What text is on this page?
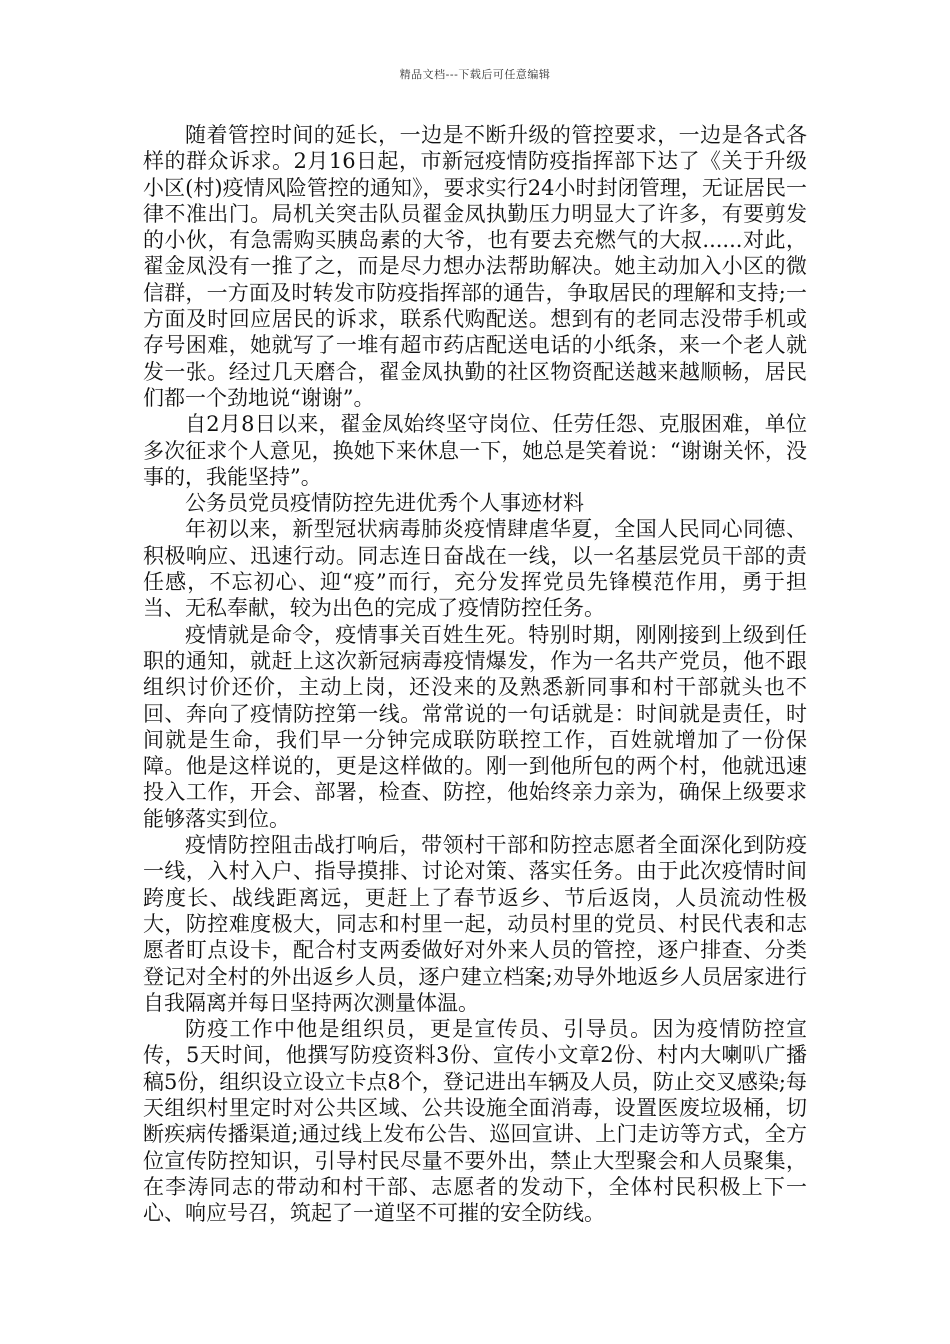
精品文档---下载后可任意编辑

随着管控时间的延长，一边是不断升级的管控要求，一边是各式各样的群众诉求。2月16日起，市新冠疫情防疫指挥部下达了《关于升级小区(村)疫情风险管控的通知》，要求实行24小时封闭管理，无证居民一律不准出门。局机关突击队员翟金凤执勤压力明显大了许多，有要剪发的小伙，有急需购买胰岛素的大爷，也有要去充燃气的大叔......对此，翟金凤没有一推了之，而是尽力想办法帮助解决。她主动加入小区的微信群，一方面及时转发市防疫指挥部的通告，争取居民的理解和支持;一方面及时回应居民的诉求，联系代购配送。想到有的老同志没带手机或存号困难，她就写了一堆有超市药店配送电话的小纸条，来一个老人就发一张。经过几天磨合，翟金凤执勤的社区物资配送越来越顺畅，居民们都一个劲地说“谢谢”。

自2月8日以来，翟金凤始终坚守岗位、任劳任怨、克服困难，单位多次征求个人意见，换她下来休息一下，她总是笑着说：“谢谢关怀，没事的，我能坚持”。

公务员党员疫情防控先进优秀个人事迹材料

年初以来，新型冠状病毒肺炎疫情肆虐华夏，全国人民同心同德、积极响应、迅速行动。同志连日奋战在一线，以一名基层党员干部的责任感，不忘初心、迎“疫”而行，充分发挥党员先锋模范作用，勇于担当、无私奉献，较为出色的完成了疫情防控任务。

疫情就是命令，疫情事关百姓生死。特别时期，刚刚接到上级到任职的通知，就赶上这次新冠病毒疫情爆发，作为一名共产党员，他不跟组织讨价还价，主动上岗，还没来的及熟悉新同事和村干部就头也不回、奔向了疫情防控第一线。常常说的一句话就是：时间就是责任，时间就是生命，我们早一分钟完成联防联控工作，百姓就增加了一份保障。他是这样说的，更是这样做的。刚一到他所包的两个村，他就迅速投入工作，开会、部署，检查、防控，他始终亲力亲为，确保上级要求能够落实到位。

疫情防控阻击战打响后，带领村干部和防控志愿者全面深化到防疫一线，入村入户、指导摸排、讨论对策、落实任务。由于此次疫情时间跨度长、战线距离远，更赶上了春节返乡、节后返岗，人员流动性极大，防控难度极大，同志和村里一起，动员村里的党员、村民代表和志愿者盯点设卡，配合村支两委做好对外来人员的管控，逐户排查、分类登记对全村的外出返乡人员，逐户建立档案;劝导外地返乡人员居家进行自我隔离并每日坚持两次测量体温。

防疫工作中他是组织员，更是宣传员、引导员。因为疫情防控宣传，5天时间，他撰写防疫资料3份、宣传小文章2份、村内大喇叭广播稿5份，组织设立设立卡点8个，登记进出车辆及人员，防止交叉感染;每天组织村里定时对公共区域、公共设施全面消毒，设置医废垃圾桶，切断疾病传播渠道;通过线上发布公告、巡回宣讲、上门走访等方式，全方位宣传防控知识，引导村民尽量不要外出，禁止大型聚会和人员聚集，在李涛同志的带动和村干部、志愿者的发动下，全体村民积极上下一心、响应号召，筑起了一道坚不可摧的安全防线。
